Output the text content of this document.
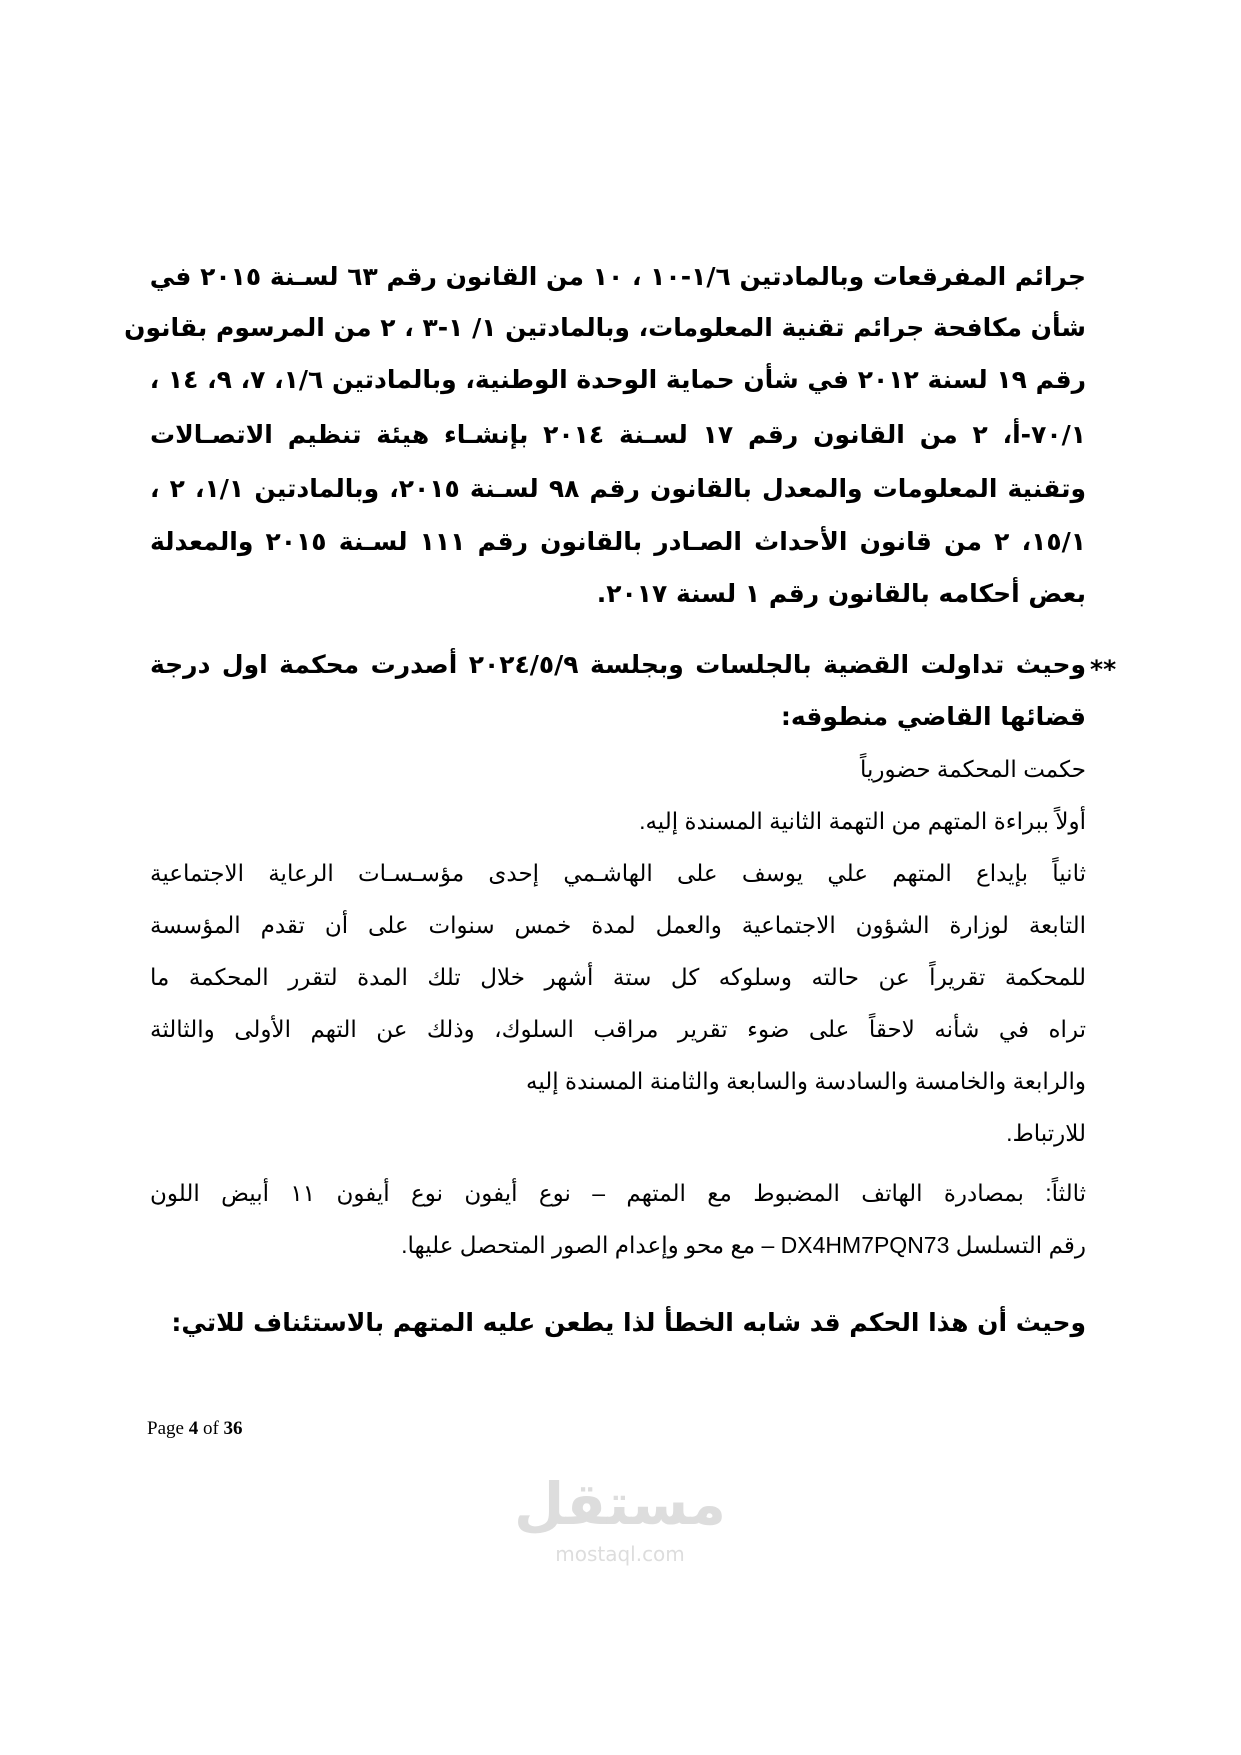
جرائم المفرقعات وبالمادتين ١/٦-١٠ ، ١٠ من القانون رقم ٦٣ لسـنة ٢٠١٥ في
شأن مكافحة جرائم تقنية المعلومات، وبالمادتين ١/ ١-٣ ، ٢ من المرسوم بقانون
رقم ١٩ لسنة ٢٠١٢ في شأن حماية الوحدة الوطنية، وبالمادتين ١/٦، ٧، ٩، ١٤ ،
٧٠/١-أ، ٢ من القانون رقم ١٧ لسـنة ٢٠١٤ بإنشـاء هيئة تنظيم الاتصـالات
وتقنية المعلومات والمعدل بالقانون رقم ٩٨ لسـنة ٢٠١٥، وبالمادتين ١/١، ٢ ،
١٥/١، ٢ من قانون الأحداث الصـادر بالقانون رقم ١١١ لسـنة ٢٠١٥ والمعدلة
بعض أحكامه بالقانون رقم ١ لسنة ٢٠١٧.
**
وحيث تداولت القضية بالجلسات وبجلسة ٢٠٢٤/٥/٩ أصدرت محكمة اول درجة
قضائها القاضي منطوقه:
حكمت المحكمة حضورياً
أولاً ببراءة المتهم من التهمة الثانية المسندة إليه.
ثانياً بإيداع المتهم علي يوسف على الهاشـمي إحدى مؤسـسـات الرعاية الاجتماعية
التابعة لوزارة الشؤون الاجتماعية والعمل لمدة خمس سنوات على أن تقدم المؤسسة
للمحكمة تقريراً عن حالته وسلوكه كل ستة أشهر خلال تلك المدة لتقرر المحكمة ما
تراه في شأنه لاحقاً على ضوء تقرير مراقب السلوك، وذلك عن التهم الأولى والثالثة
والرابعة والخامسة والسادسة والسابعة والثامنة المسندة إليه
للارتباط.
ثالثاً: بمصادرة الهاتف المضبوط مع المتهم – نوع أيفون نوع أيفون ١١ أبيض اللون
رقم التسلسل DX4HM7PQN73 – مع محو وإعدام الصور المتحصل عليها.
وحيث أن هذا الحكم قد شابه الخطأ لذا يطعن عليه المتهم بالاستئناف للاتي:
Page 4 of 36
مستقل
mostaql.com
